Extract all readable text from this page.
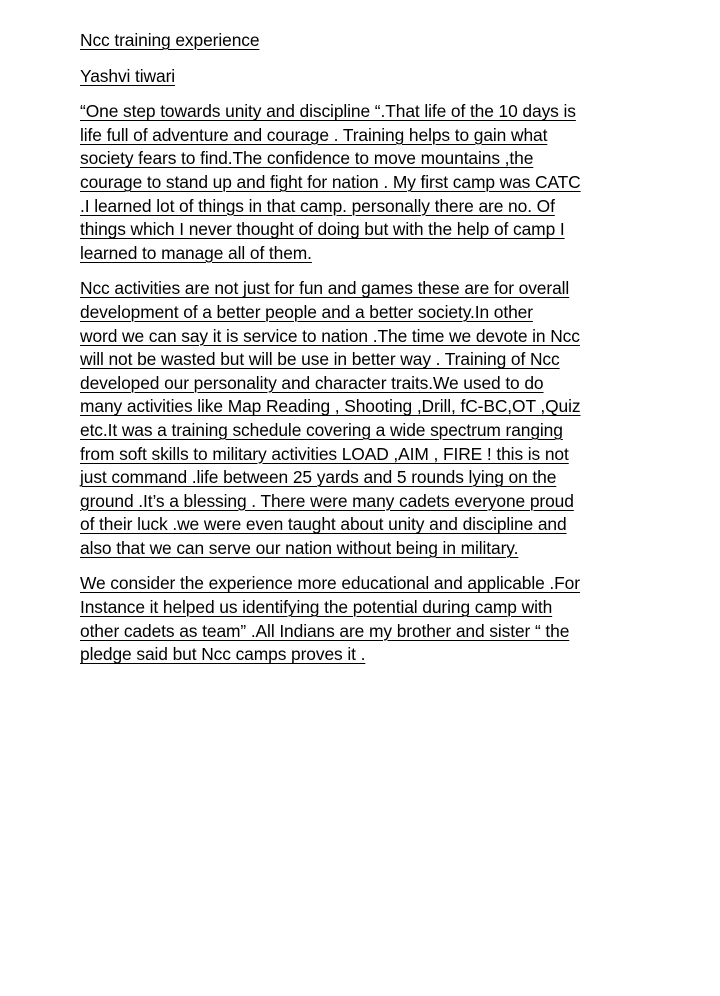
Ncc training experience
Yashvi tiwari
“One step towards unity and discipline “.That life of the 10 days is
life full of adventure and courage . Training helps to gain what
society fears to find.The confidence to move mountains ,the
courage to stand up and fight for nation . My first camp was CATC
.I learned lot of things in that camp. personally there are no. Of
things which I never thought of doing but with the help of camp I
learned to manage all of them.
Ncc activities are not just for fun and games these are for overall
development of a better people and a better society.In other
word we can say it is service to nation .The time we devote in Ncc
will not be wasted but will be use in better way . Training of Ncc
developed our personality and character traits.We used to do
many activities like Map Reading , Shooting ,Drill, fC-BC,OT ,Quiz
etc.It was a training schedule covering a wide spectrum ranging
from soft skills to military activities LOAD ,AIM , FIRE ! this is not
just command .life between 25 yards and 5 rounds lying on the
ground .It’s a blessing . There were many cadets everyone proud
of their luck .we were even taught about unity and discipline and
also that we can serve our nation without being in military.
We consider the experience more educational and applicable .For
Instance it helped us identifying the potential during camp with
other cadets as team” .All Indians are my brother and sister “ the
pledge said but Ncc camps proves it .
